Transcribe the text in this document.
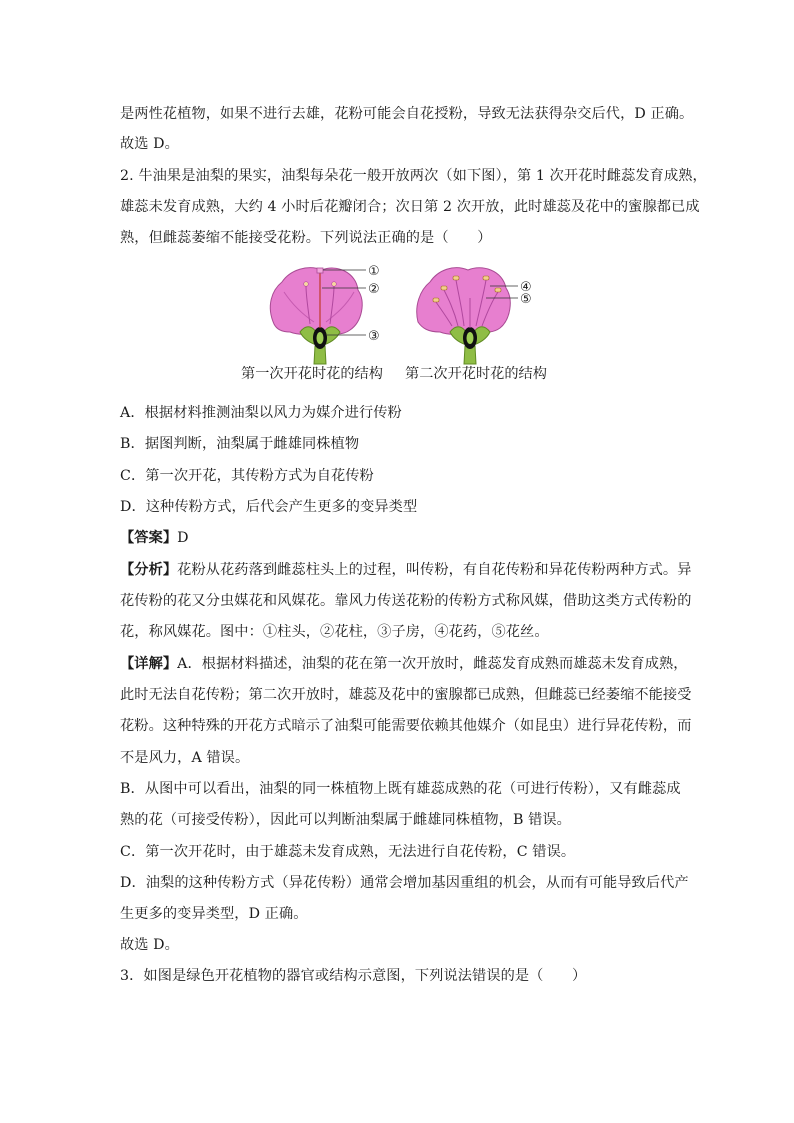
是两性花植物，如果不进行去雄，花粉可能会自花授粉，导致无法获得杂交后代，D 正确。
故选 D。
2. 牛油果是油梨的果实，油梨每朵花一般开放两次（如下图），第 1 次开花时雌蕊发育成熟，
雄蕊未发育成熟，大约 4 小时后花瓣闭合；次日第 2 次开放，此时雄蕊及花中的蜜腺都已成
熟，但雌蕊萎缩不能接受花粉。下列说法正确的是（　　）
①
②
③
④
⑤
第一次开花时花的结构 第二次开花时花的结构
A．根据材料推测油梨以风力为媒介进行传粉
B．据图判断，油梨属于雌雄同株植物
C．第一次开花，其传粉方式为自花传粉
D．这种传粉方式，后代会产生更多的变异类型
【答案】D
【分析】花粉从花药落到雌蕊柱头上的过程，叫传粉，有自花传粉和异花传粉两种方式。异
花传粉的花又分虫媒花和风媒花。靠风力传送花粉的传粉方式称风媒，借助这类方式传粉的
花，称风媒花。图中：①柱头，②花柱，③子房，④花药，⑤花丝。
【详解】A．根据材料描述，油梨的花在第一次开放时，雌蕊发育成熟而雄蕊未发育成熟，
此时无法自花传粉；第二次开放时，雄蕊及花中的蜜腺都已成熟，但雌蕊已经萎缩不能接受
花粉。这种特殊的开花方式暗示了油梨可能需要依赖其他媒介（如昆虫）进行异花传粉，而
不是风力，A 错误。
B．从图中可以看出，油梨的同一株植物上既有雄蕊成熟的花（可进行传粉），又有雌蕊成
熟的花（可接受传粉），因此可以判断油梨属于雌雄同株植物，B 错误。
C．第一次开花时，由于雄蕊未发育成熟，无法进行自花传粉，C 错误。
D．油梨的这种传粉方式（异花传粉）通常会增加基因重组的机会，从而有可能导致后代产
生更多的变异类型，D 正确。
故选 D。
3．如图是绿色开花植物的器官或结构示意图，下列说法错误的是（　　）
